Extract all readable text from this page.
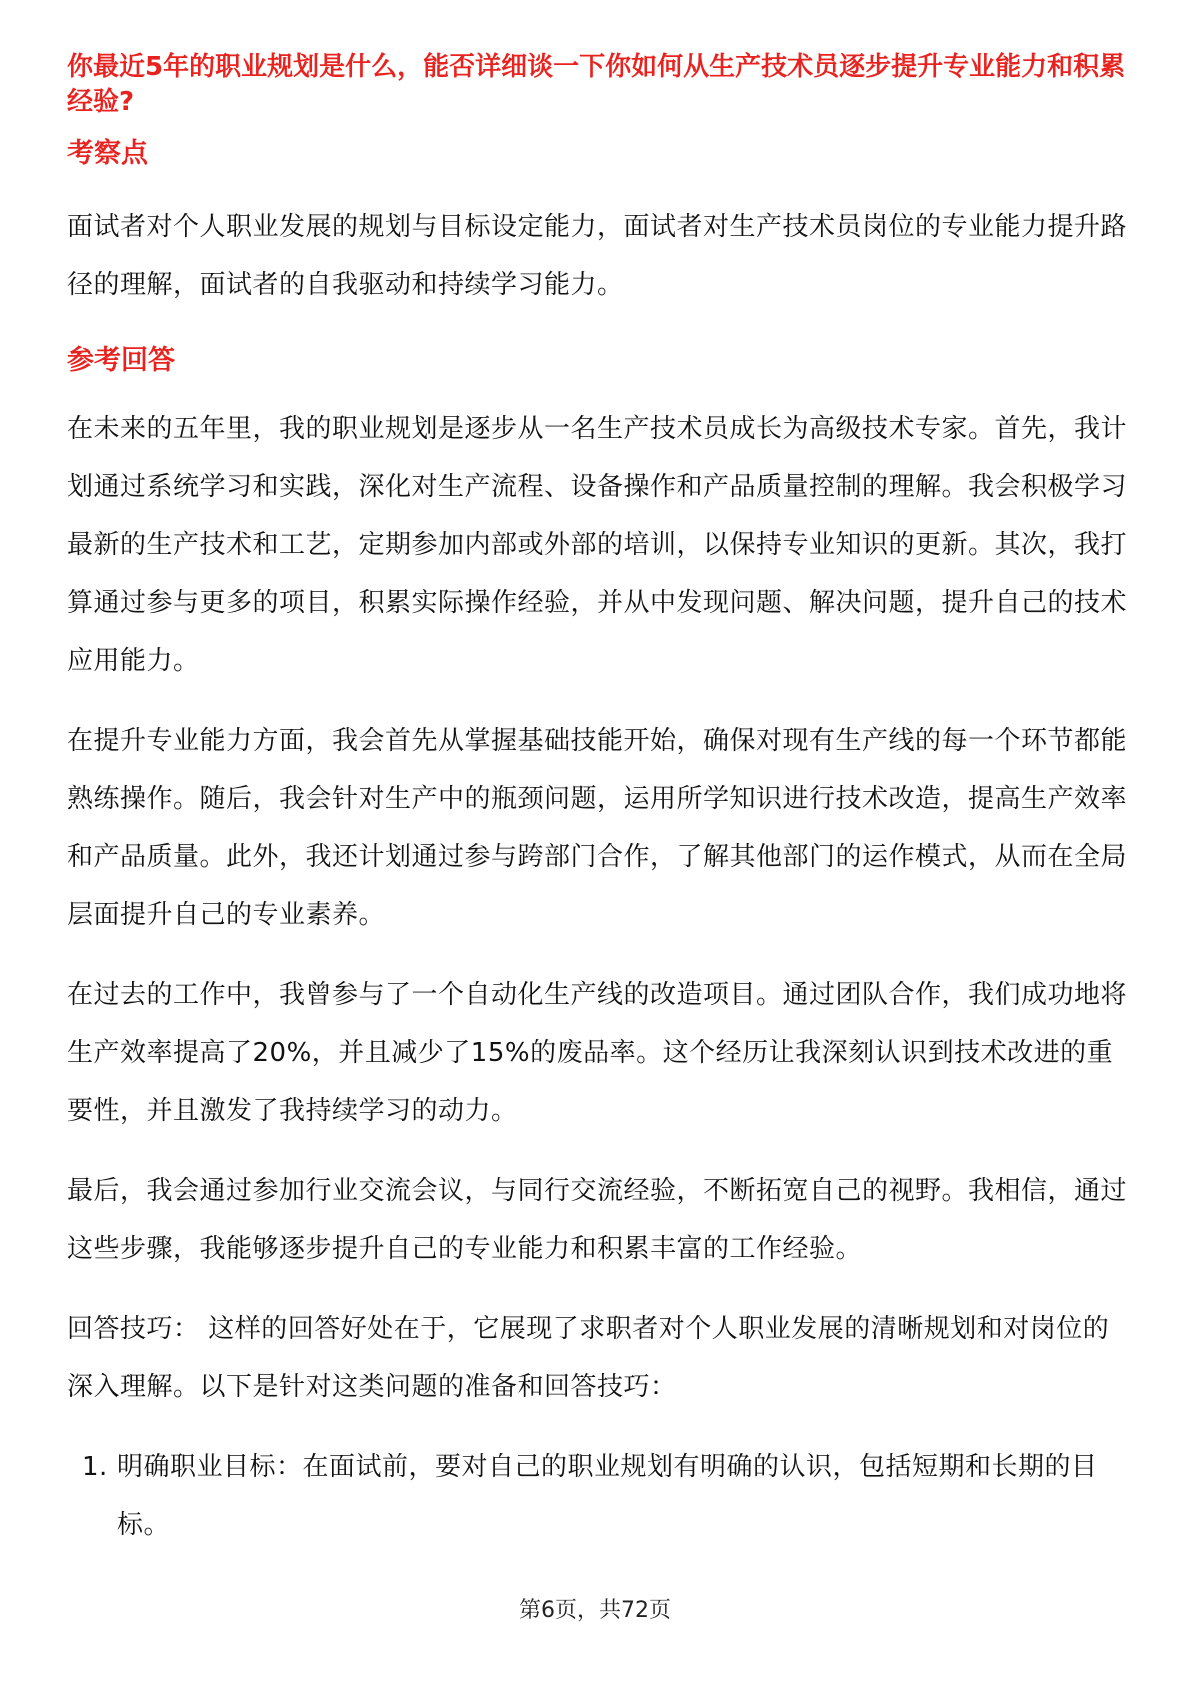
你最近5年的职业规划是什么，能否详细谈一下你如何从生产技术员逐步提升专业能力和积累经验?

考察点

面试者对个人职业发展的规划与目标设定能力，面试者对生产技术员岗位的专业能力提升路径的理解，面试者的自我驱动和持续学习能力。

参考回答

在未来的五年里，我的职业规划是逐步从一名生产技术员成长为高级技术专家。首先，我计划通过系统学习和实践，深化对生产流程、设备操作和产品质量控制的理解。我会积极学习最新的生产技术和工艺，定期参加内部或外部的培训，以保持专业知识的更新。其次，我打算通过参与更多的项目，积累实际操作经验，并从中发现问题、解决问题，提升自己的技术应用能力。

在提升专业能力方面，我会首先从掌握基础技能开始，确保对现有生产线的每一个环节都能熟练操作。随后，我会针对生产中的瓶颈问题，运用所学知识进行技术改造，提高生产效率和产品质量。此外，我还计划通过参与跨部门合作，了解其他部门的运作模式，从而在全局层面提升自己的专业素养。

在过去的工作中，我曾参与了一个自动化生产线的改造项目。通过团队合作，我们成功地将生产效率提高了20%，并且减少了15%的废品率。这个经历让我深刻认识到技术改进的重要性，并且激发了我持续学习的动力。

最后，我会通过参加行业交流会议，与同行交流经验，不断拓宽自己的视野。我相信，通过这些步骤，我能够逐步提升自己的专业能力和积累丰富的工作经验。

回答技巧： 这样的回答好处在于，它展现了求职者对个人职业发展的清晰规划和对岗位的深入理解。以下是针对这类问题的准备和回答技巧：

1. 明确职业目标：在面试前，要对自己的职业规划有明确的认识，包括短期和长期的目标。
第6页，共72页
